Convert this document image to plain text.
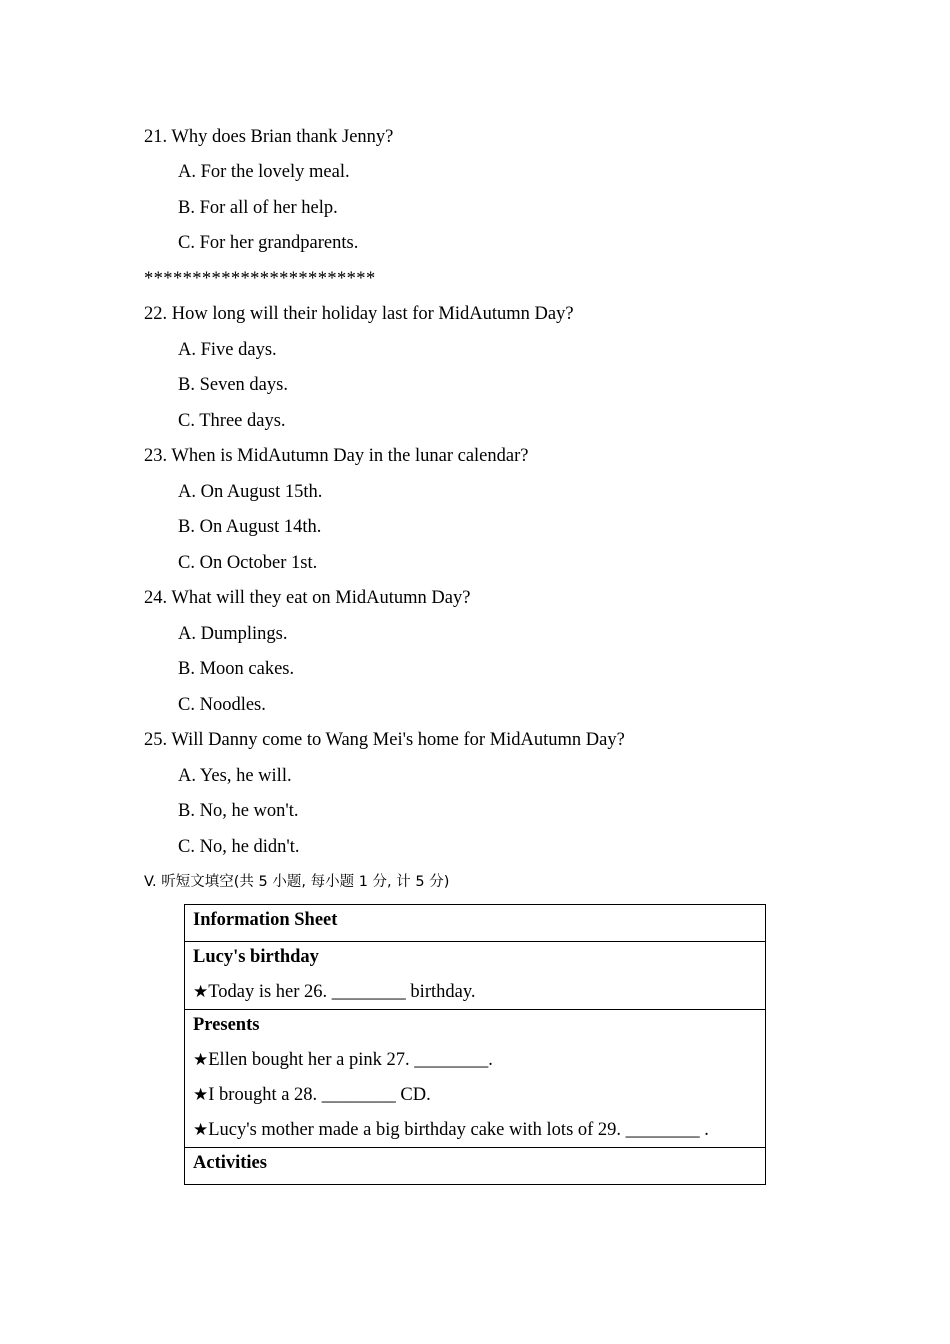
21. Why does Brian thank Jenny?
A. For the lovely meal.
B. For all of her help.
C. For her grandparents.
************************
22. How long will their holiday last for MidAutumn Day?
A. Five days.
B. Seven days.
C. Three days.
23. When is MidAutumn Day in the lunar calendar?
A. On August 15th.
B. On August 14th.
C. On October 1st.
24. What will they eat on MidAutumn Day?
A. Dumplings.
B. Moon cakes.
C. Noodles.
25. Will Danny come to Wang Mei's home for MidAutumn Day?
A. Yes, he will.
B. No, he won't.
C. No, he didn't.
V. 听短文填空(共 5 小题, 每小题 1 分, 计 5 分)
Information Sheet

Lucy's birthday
★Today is her 26. ________ birthday.

Presents
★Ellen bought her a pink 27. ________.
★I brought a 28. ________ CD.
★Lucy's mother made a big birthday cake with lots of 29. ________ .

Activities
